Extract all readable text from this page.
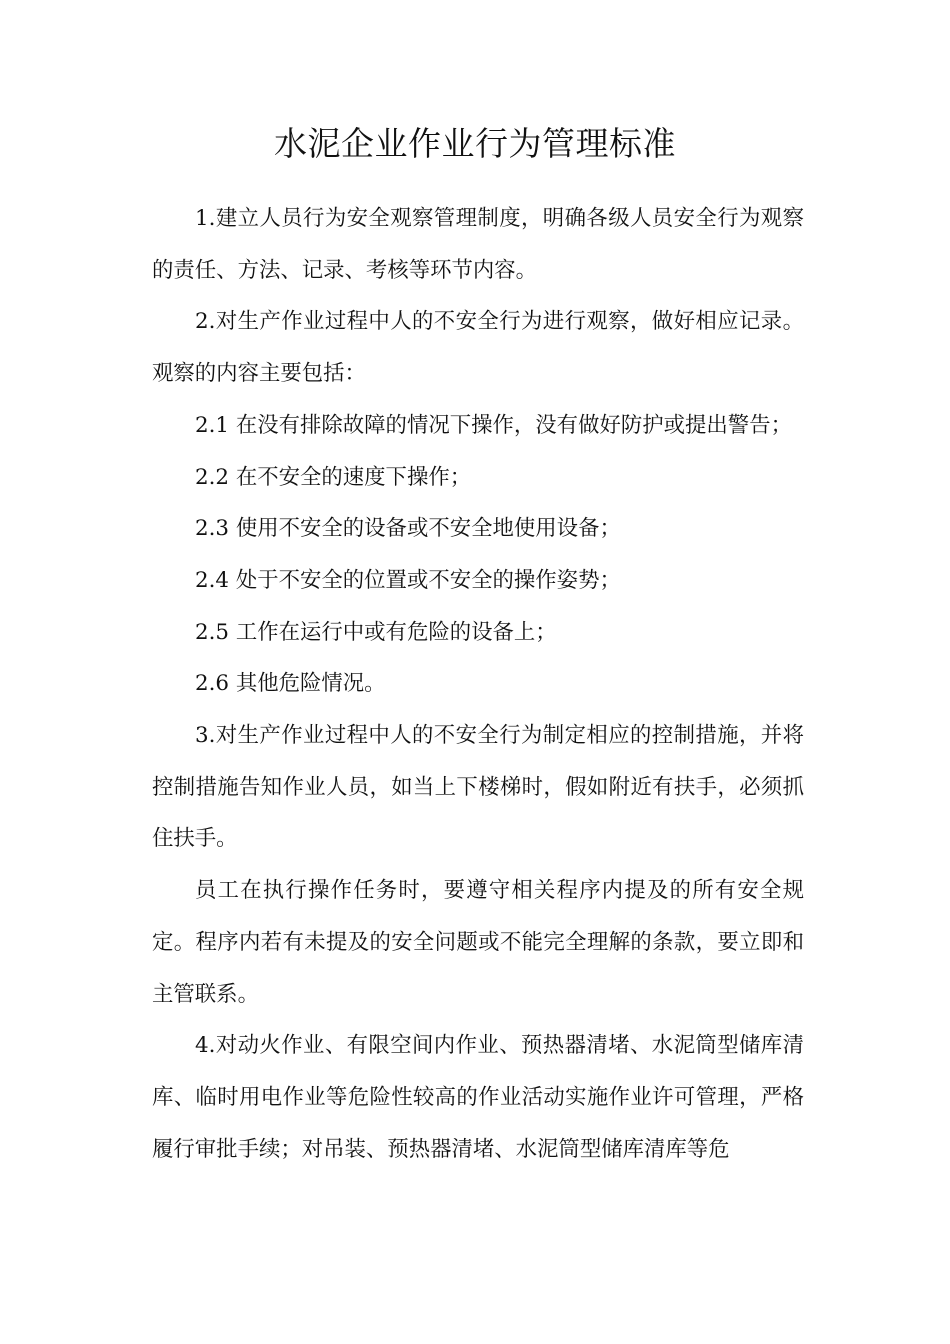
水泥企业作业行为管理标准

1.建立人员行为安全观察管理制度，明确各级人员安全行为观察的责任、方法、记录、考核等环节内容。

2.对生产作业过程中人的不安全行为进行观察，做好相应记录。观察的内容主要包括：

2.1 在没有排除故障的情况下操作，没有做好防护或提出警告；

2.2 在不安全的速度下操作；

2.3 使用不安全的设备或不安全地使用设备；

2.4 处于不安全的位置或不安全的操作姿势；

2.5 工作在运行中或有危险的设备上；

2.6 其他危险情况。

3.对生产作业过程中人的不安全行为制定相应的控制措施，并将控制措施告知作业人员，如当上下楼梯时，假如附近有扶手，必须抓住扶手。

员工在执行操作任务时，要遵守相关程序内提及的所有安全规定。程序内若有未提及的安全问题或不能完全理解的条款，要立即和主管联系。

4.对动火作业、有限空间内作业、预热器清堵、水泥筒型储库清库、临时用电作业等危险性较高的作业活动实施作业许可管理，严格履行审批手续；对吊装、预热器清堵、水泥筒型储库清库等危
